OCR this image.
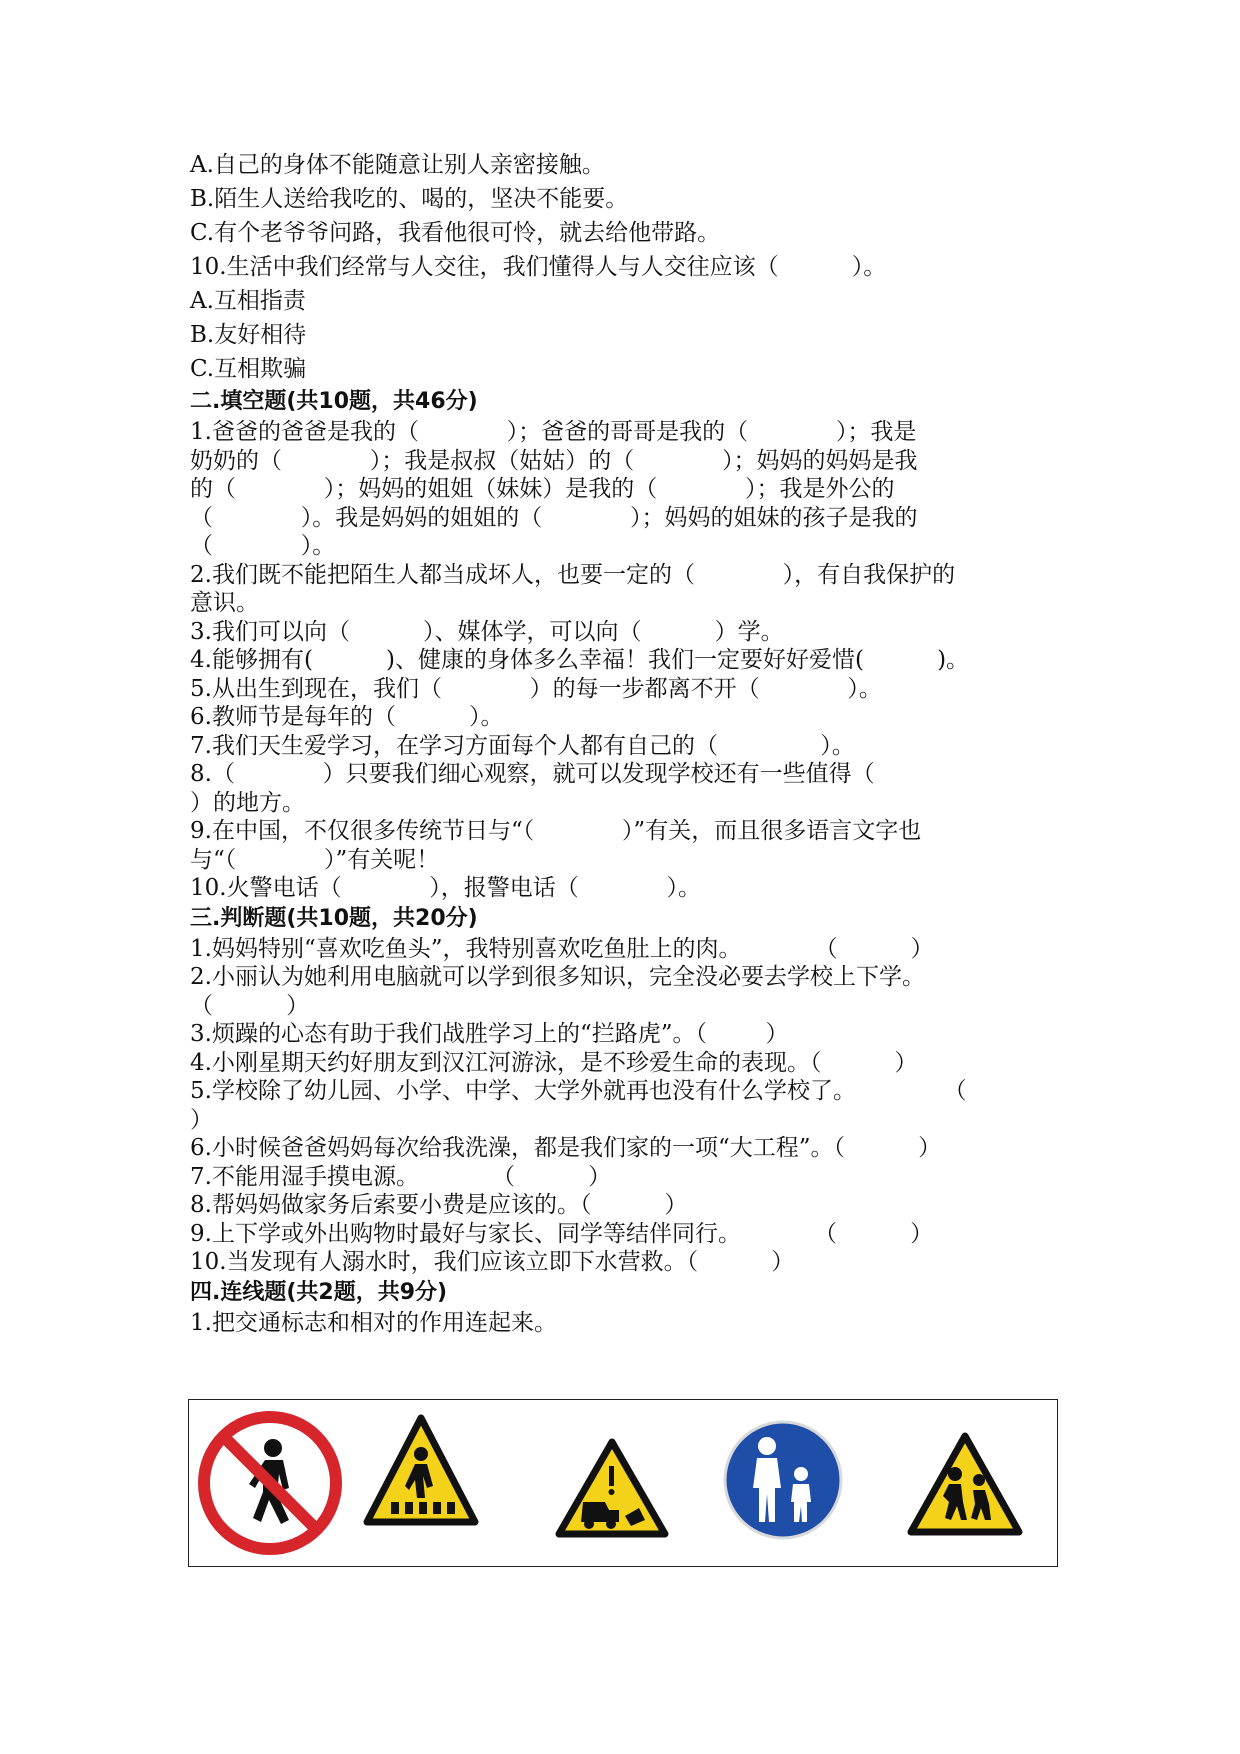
A.自己的身体不能随意让别人亲密接触。

B.陌生人送给我吃的、喝的，坚决不能要。

C.有个老爷爷问路，我看他很可怜，就去给他带路。

10.生活中我们经常与人交往，我们懂得人与人交往应该（          ）。

A.互相指责

B.友好相待

C.互相欺骗

二.填空题(共10题，共46分)

1.爸爸的爸爸是我的（            ）；爸爸的哥哥是我的（            ）；我是

奶奶的（            ）；我是叔叔（姑姑）的（            ）；妈妈的妈妈是我

的（            ）；妈妈的姐姐（妹妹）是我的（            ）；我是外公的

（            ）。我是妈妈的姐姐的（            ）；妈妈的姐妹的孩子是我的

（            ）。

2.我们既不能把陌生人都当成坏人，也要一定的（            ），有自我保护的

意识。

3.我们可以向（          ）、媒体学，可以向（          ）学。

4.能够拥有(          )、健康的身体多么幸福！我们一定要好好爱惜(          )。

5.从出生到现在，我们（            ）的每一步都离不开（            ）。

6.教师节是每年的（          ）。

7.我们天生爱学习，在学习方面每个人都有自己的（              ）。

8.（            ）只要我们细心观察，就可以发现学校还有一些值得（

）的地方。

9.在中国，不仅很多传统节日与“（            ）”有关，而且很多语言文字也

与“（            ）”有关呢！

10.火警电话（            ），报警电话（            ）。

三.判断题(共10题，共20分)

1.妈妈特别“喜欢吃鱼头”，我特别喜欢吃鱼肚上的肉。          （          ）

2.小丽认为她利用电脑就可以学到很多知识，完全没必要去学校上下学。

（          ）

3.烦躁的心态有助于我们战胜学习上的“拦路虎”。（        ）

4.小刚星期天约好朋友到汉江河游泳，是不珍爱生命的表现。（          ）

5.学校除了幼儿园、小学、中学、大学外就再也没有什么学校了。            （

）

6.小时候爸爸妈妈每次给我洗澡，都是我们家的一项“大工程”。（          ）

7.不能用湿手摸电源。          （          ）

8.帮妈妈做家务后索要小费是应该的。（          ）

9.上下学或外出购物时最好与家长、同学等结伴同行。          （          ）

10.当发现有人溺水时，我们应该立即下水营救。（          ）

四.连线题(共2题，共9分)

1.把交通标志和相对的作用连起来。
